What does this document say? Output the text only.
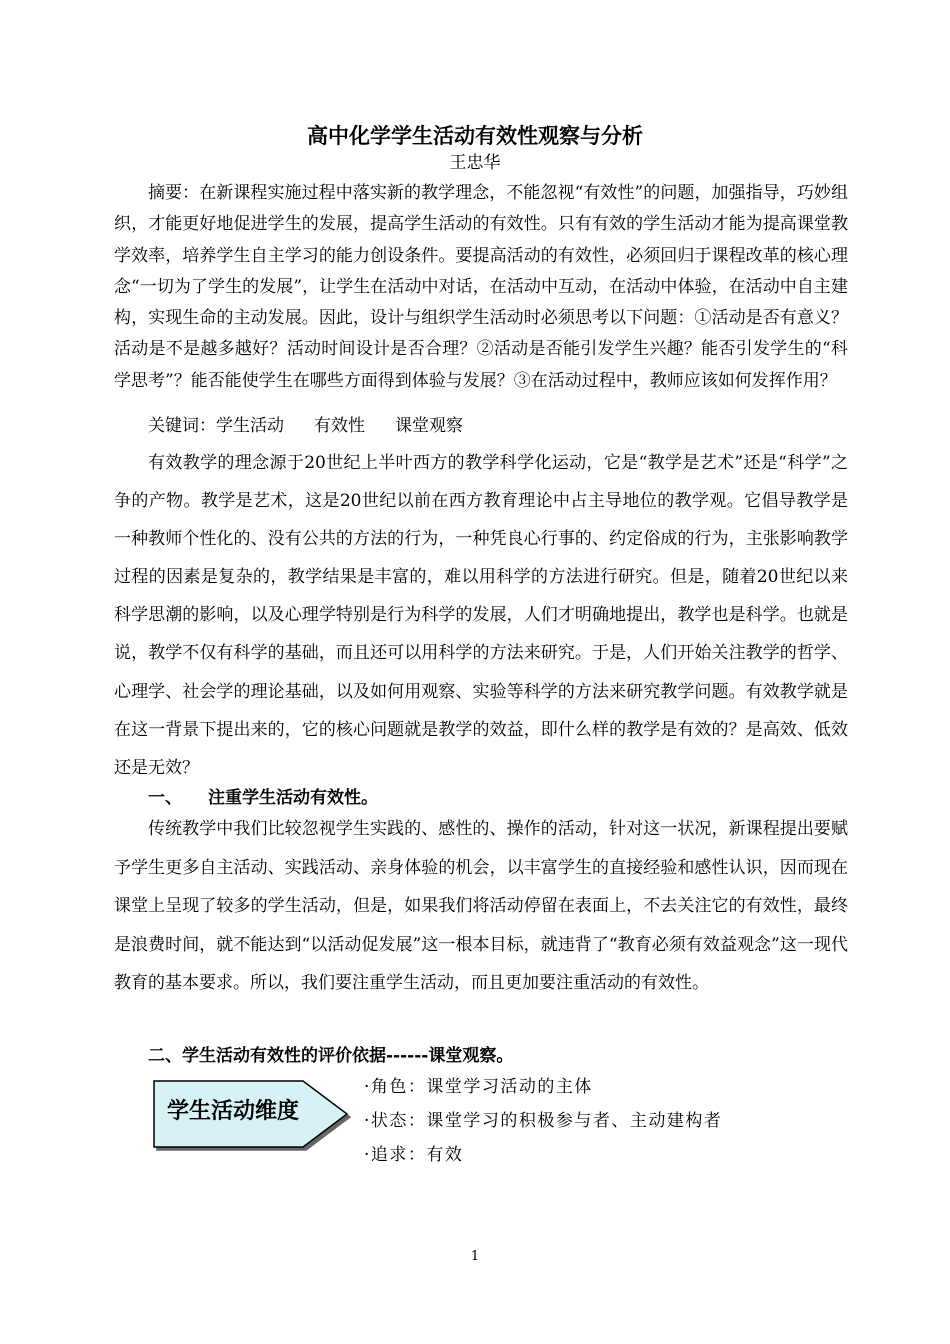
高中化学学生活动有效性观察与分析
王忠华

摘要：在新课程实施过程中落实新的教学理念，不能忽视“有效性”的问题，加强指导，巧妙组织，才能更好地促进学生的发展，提高学生活动的有效性。只有有效的学生活动才能为提高课堂教学效率，培养学生自主学习的能力创设条件。要提高活动的有效性，必须回归于课程改革的核心理念“一切为了学生的发展”，让学生在活动中对话，在活动中互动，在活动中体验，在活动中自主建构，实现生命的主动发展。因此，设计与组织学生活动时必须思考以下问题：①活动是否有意义？活动是不是越多越好？活动时间设计是否合理？②活动是否能引发学生兴趣？能否引发学生的“科学思考”？能否能使学生在哪些方面得到体验与发展？③在活动过程中，教师应该如何发挥作用？

关键词：学生活动 有效性 课堂观察

有效教学的理念源于20世纪上半叶西方的教学科学化运动，它是“教学是艺术”还是“科学”之争的产物。教学是艺术，这是20世纪以前在西方教育理论中占主导地位的教学观。它倡导教学是一种教师个性化的、没有公共的方法的行为，一种凭良心行事的、约定俗成的行为，主张影响教学过程的因素是复杂的，教学结果是丰富的，难以用科学的方法进行研究。但是，随着20世纪以来科学思潮的影响，以及心理学特别是行为科学的发展，人们才明确地提出，教学也是科学。也就是说，教学不仅有科学的基础，而且还可以用科学的方法来研究。于是，人们开始关注教学的哲学、心理学、社会学的理论基础，以及如何用观察、实验等科学的方法来研究教学问题。有效教学就是在这一背景下提出来的，它的核心问题就是教学的效益，即什么样的教学是有效的？是高效、低效还是无效？

一、 注重学生活动有效性。

传统教学中我们比较忽视学生实践的、感性的、操作的活动，针对这一状况，新课程提出要赋予学生更多自主活动、实践活动、亲身体验的机会，以丰富学生的直接经验和感性认识，因而现在课堂上呈现了较多的学生活动，但是，如果我们将活动停留在表面上，不去关注它的有效性，最终是浪费时间，就不能达到“以活动促发展”这一根本目标，就违背了“教育必须有效益观念”这一现代教育的基本要求。所以，我们要注重学生活动，而且更加要注重活动的有效性。

二、学生活动有效性的评价依据------课堂观察。

学生活动维度
·角色：课堂学习活动的主体
·状态：课堂学习的积极参与者、主动建构者
·追求：有效
1
